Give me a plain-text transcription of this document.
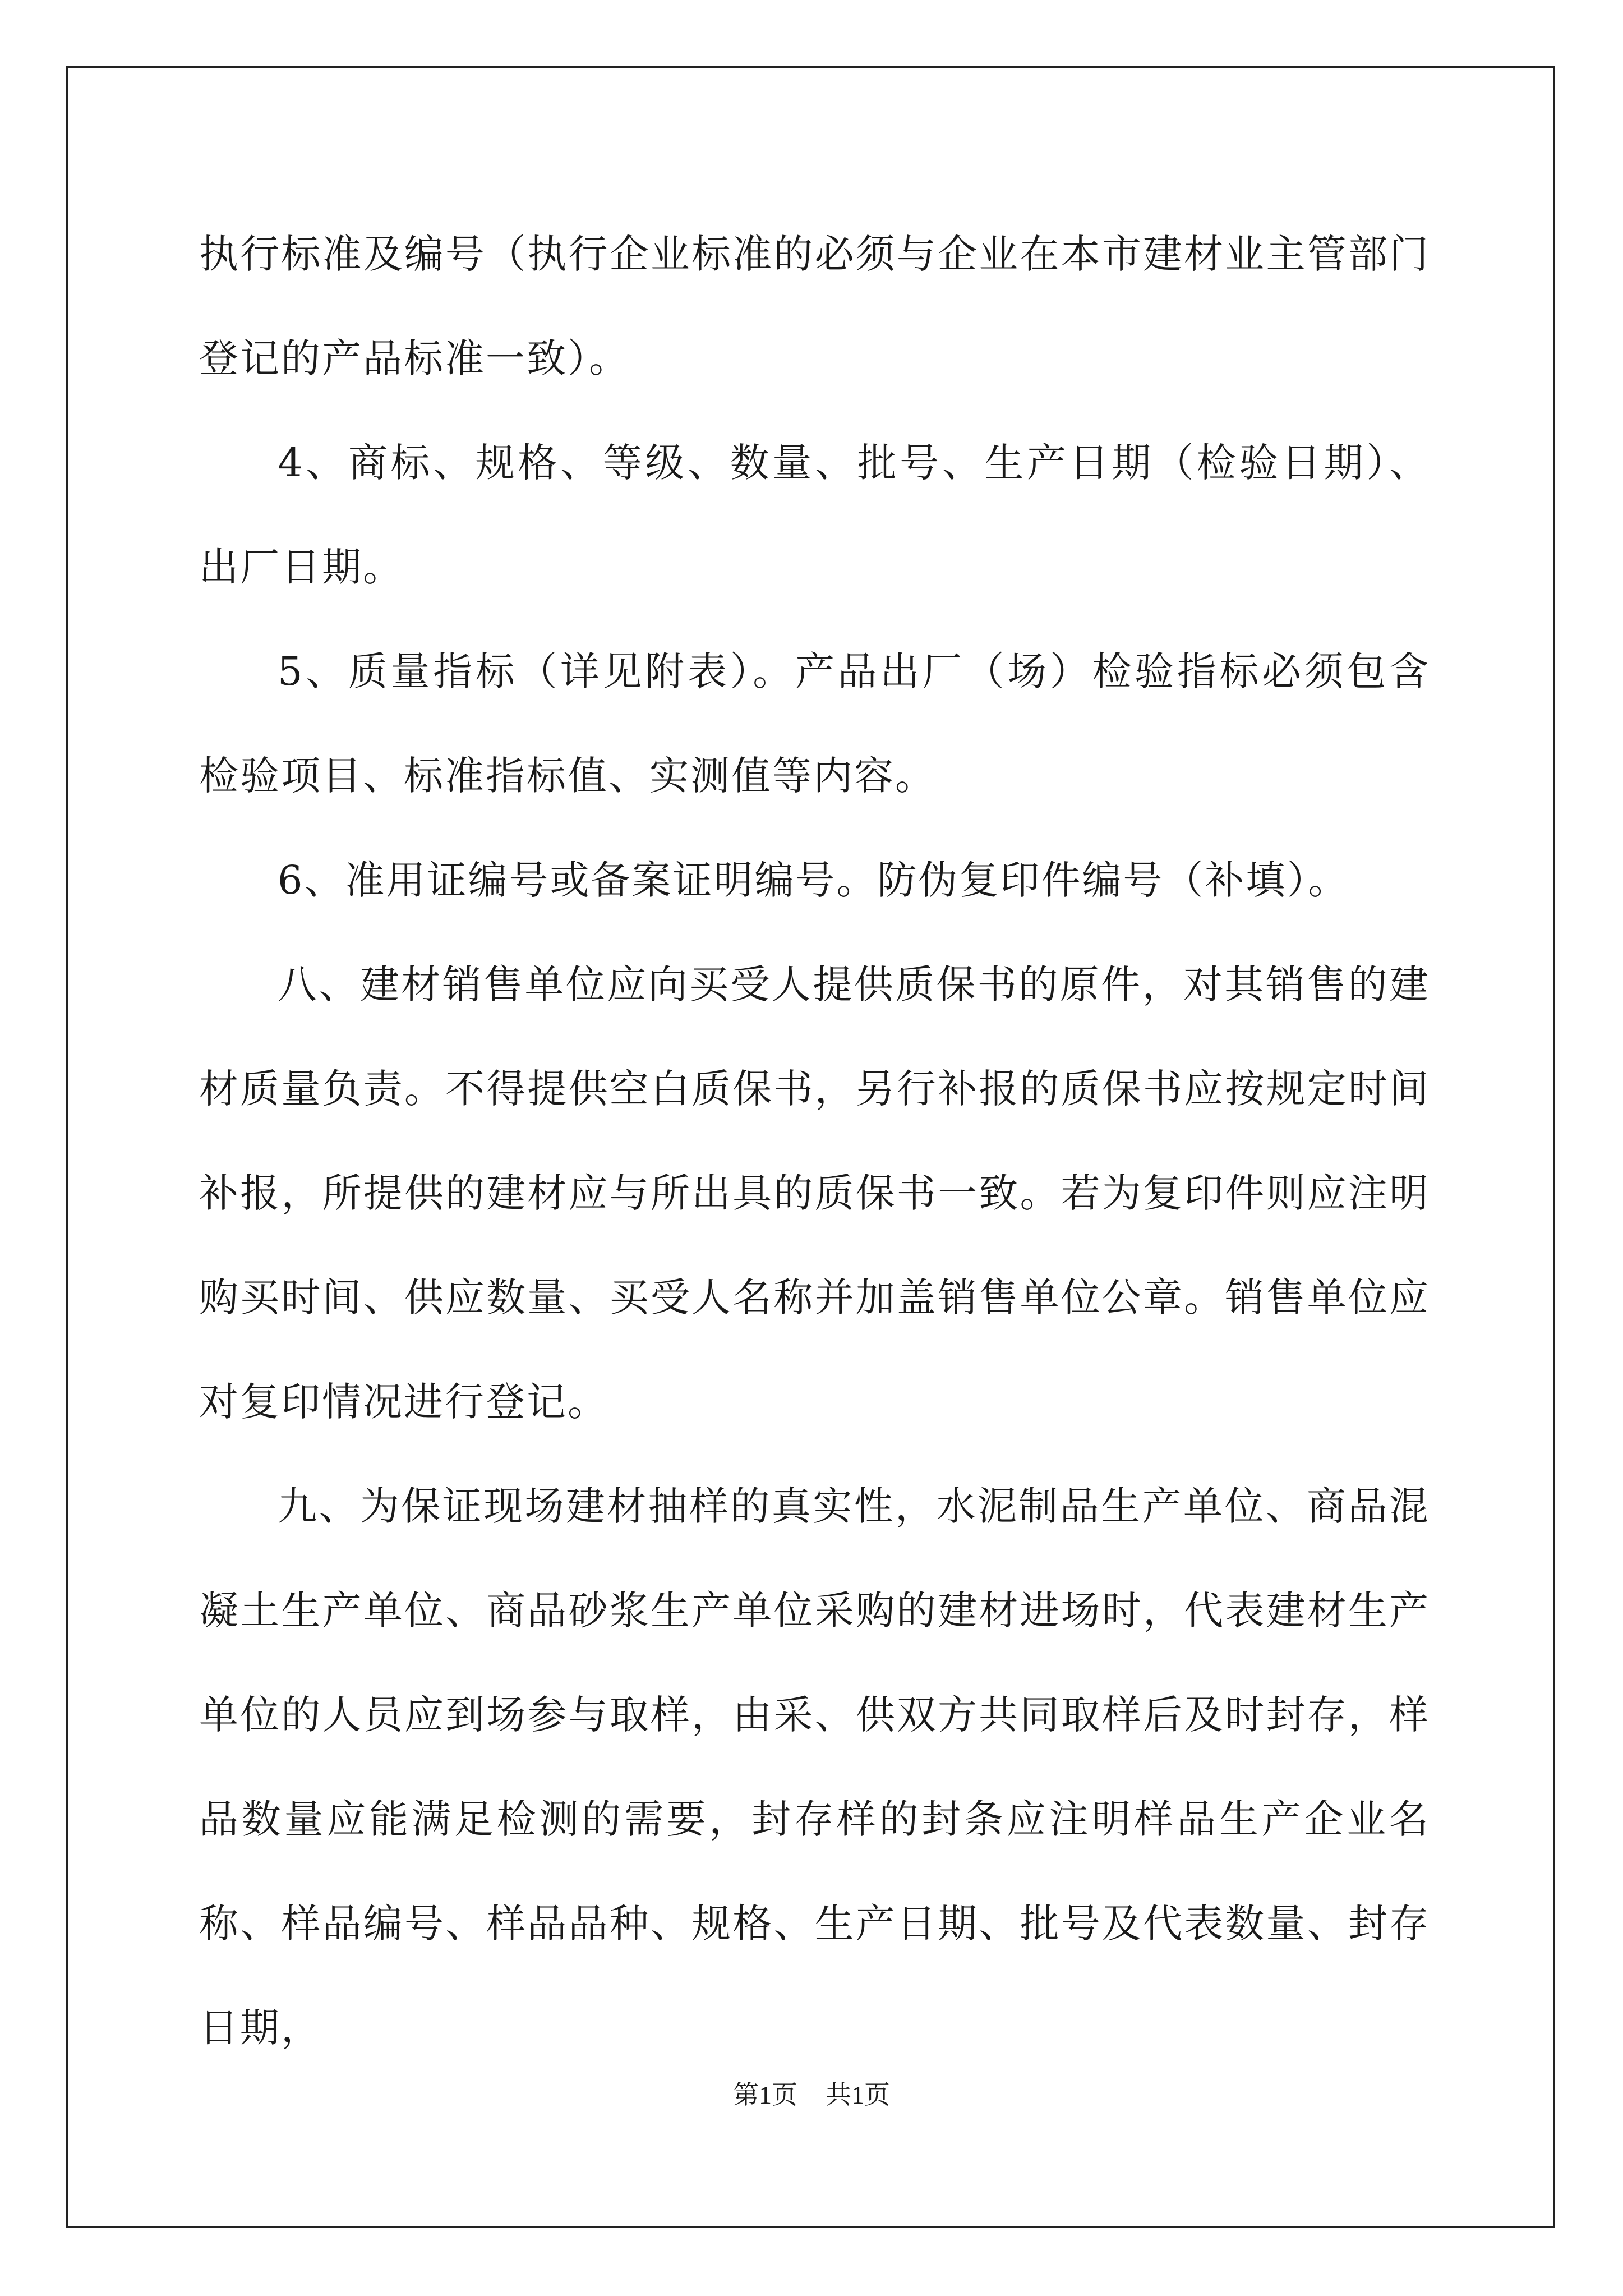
执行标准及编号（执行企业标准的必须与企业在本市建材业主管部门登记的产品标准一致）。

4、商标、规格、等级、数量、批号、生产日期（检验日期）、出厂日期。

5、质量指标（详见附表）。产品出厂（场）检验指标必须包含检验项目、标准指标值、实测值等内容。

6、准用证编号或备案证明编号。防伪复印件编号（补填）。

八、建材销售单位应向买受人提供质保书的原件，对其销售的建材质量负责。不得提供空白质保书，另行补报的质保书应按规定时间补报，所提供的建材应与所出具的质保书一致。若为复印件则应注明购买时间、供应数量、买受人名称并加盖销售单位公章。销售单位应对复印情况进行登记。

九、为保证现场建材抽样的真实性，水泥制品生产单位、商品混凝土生产单位、商品砂浆生产单位采购的建材进场时，代表建材生产单位的人员应到场参与取样，由采、供双方共同取样后及时封存，样品数量应能满足检测的需要，封存样的封条应注明样品生产企业名称、样品编号、样品品种、规格、生产日期、批号及代表数量、封存日期，

第1页 共1页
